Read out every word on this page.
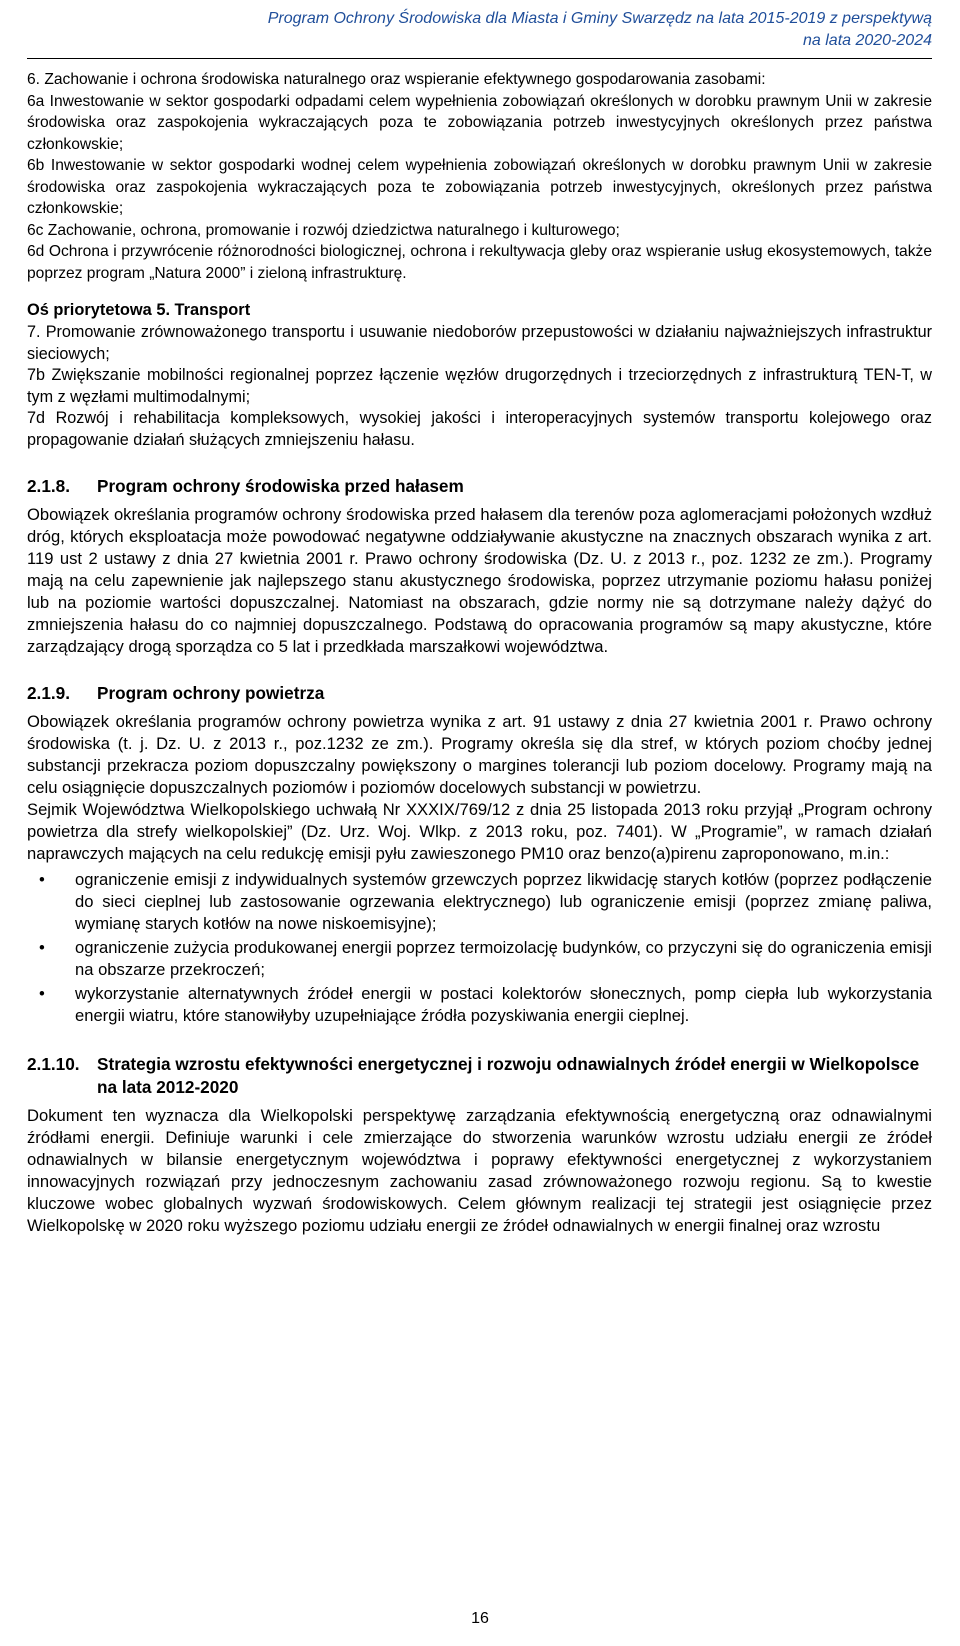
Program Ochrony Środowiska dla Miasta i Gminy Swarzędz na lata 2015-2019 z perspektywą
na lata 2020-2024

6. Zachowanie i ochrona środowiska naturalnego oraz wspieranie efektywnego gospodarowania zasobami:

6a Inwestowanie w sektor gospodarki odpadami celem wypełnienia zobowiązań określonych w dorobku prawnym Unii w zakresie środowiska oraz zaspokojenia wykraczających poza te zobowiązania potrzeb inwestycyjnych określonych przez państwa członkowskie;

6b Inwestowanie w sektor gospodarki wodnej celem wypełnienia zobowiązań określonych w dorobku prawnym Unii w zakresie środowiska oraz zaspokojenia wykraczających poza te zobowiązania potrzeb inwestycyjnych, określonych przez państwa członkowskie;

6c Zachowanie, ochrona, promowanie i rozwój dziedzictwa naturalnego i kulturowego;

6d Ochrona i przywrócenie różnorodności biologicznej, ochrona i rekultywacja gleby oraz wspieranie usług ekosystemowych, także poprzez program „Natura 2000” i zieloną infrastrukturę.

Oś priorytetowa 5. Transport

7. Promowanie zrównoważonego transportu i usuwanie niedoborów przepustowości w działaniu najważniejszych infrastruktur sieciowych;

7b Zwiększanie mobilności regionalnej poprzez łączenie węzłów drugorzędnych i trzeciorzędnych z infrastrukturą TEN-T, w tym z węzłami multimodalnymi;

7d Rozwój i rehabilitacja kompleksowych, wysokiej jakości i interoperacyjnych systemów transportu kolejowego oraz propagowanie działań służących zmniejszeniu hałasu.

2.1.8.	Program ochrony środowiska przed hałasem

Obowiązek określania programów ochrony środowiska przed hałasem dla terenów poza aglomeracjami położonych wzdłuż dróg, których eksploatacja może powodować negatywne oddziaływanie akustyczne na znacznych obszarach wynika z art. 119 ust 2 ustawy z dnia 27 kwietnia 2001 r. Prawo ochrony środowiska (Dz. U. z 2013 r., poz. 1232 ze zm.). Programy mają na celu zapewnienie jak najlepszego stanu akustycznego środowiska, poprzez utrzymanie poziomu hałasu poniżej lub na poziomie wartości dopuszczalnej. Natomiast na obszarach, gdzie normy nie są dotrzymane należy dążyć do zmniejszenia hałasu do co najmniej dopuszczalnego. Podstawą do opracowania programów są mapy akustyczne, które zarządzający drogą sporządza co 5 lat i przedkłada marszałkowi województwa.

2.1.9.	Program ochrony powietrza

Obowiązek określania programów ochrony powietrza wynika z art. 91 ustawy z dnia 27 kwietnia 2001 r. Prawo ochrony środowiska (t. j. Dz. U. z 2013 r., poz.1232 ze zm.). Programy określa się dla stref, w których poziom choćby jednej substancji przekracza poziom dopuszczalny powiększony o margines tolerancji lub poziom docelowy. Programy mają na celu osiągnięcie dopuszczalnych poziomów i poziomów docelowych substancji w powietrzu.

Sejmik Województwa Wielkopolskiego uchwałą Nr XXXIX/769/12 z dnia 25 listopada 2013 roku przyjął „Program ochrony powietrza dla strefy wielkopolskiej” (Dz. Urz. Woj. Wlkp. z 2013 roku, poz. 7401). W „Programie”, w ramach działań naprawczych mających na celu redukcję emisji pyłu zawieszonego PM10 oraz benzo(a)pirenu zaproponowano, m.in.:

• ograniczenie emisji z indywidualnych systemów grzewczych poprzez likwidację starych kotłów (poprzez podłączenie do sieci cieplnej lub zastosowanie ogrzewania elektrycznego) lub ograniczenie emisji (poprzez zmianę paliwa, wymianę starych kotłów na nowe niskoemisyjne);
• ograniczenie zużycia produkowanej energii poprzez termoizolację budynków, co przyczyni się do ograniczenia emisji na obszarze przekroczeń;
• wykorzystanie alternatywnych źródeł energii w postaci kolektorów słonecznych, pomp ciepła lub wykorzystania energii wiatru, które stanowiłyby uzupełniające źródła pozyskiwania energii cieplnej.
2.1.10.	Strategia wzrostu efektywności energetycznej i rozwoju odnawialnych źródeł energii w Wielkopolsce na lata 2012-2020

Dokument ten wyznacza dla Wielkopolski perspektywę zarządzania efektywnością energetyczną oraz odnawialnymi źródłami energii. Definiuje warunki i cele zmierzające do stworzenia warunków wzrostu udziału energii ze źródeł odnawialnych w bilansie energetycznym województwa i poprawy efektywności energetycznej z wykorzystaniem innowacyjnych rozwiązań przy jednoczesnym zachowaniu zasad zrównoważonego rozwoju regionu. Są to kwestie kluczowe wobec globalnych wyzwań środowiskowych. Celem głównym realizacji tej strategii jest osiągnięcie przez Wielkopolskę w 2020 roku wyższego poziomu udziału energii ze źródeł odnawialnych w energii finalnej oraz wzrostu

16
